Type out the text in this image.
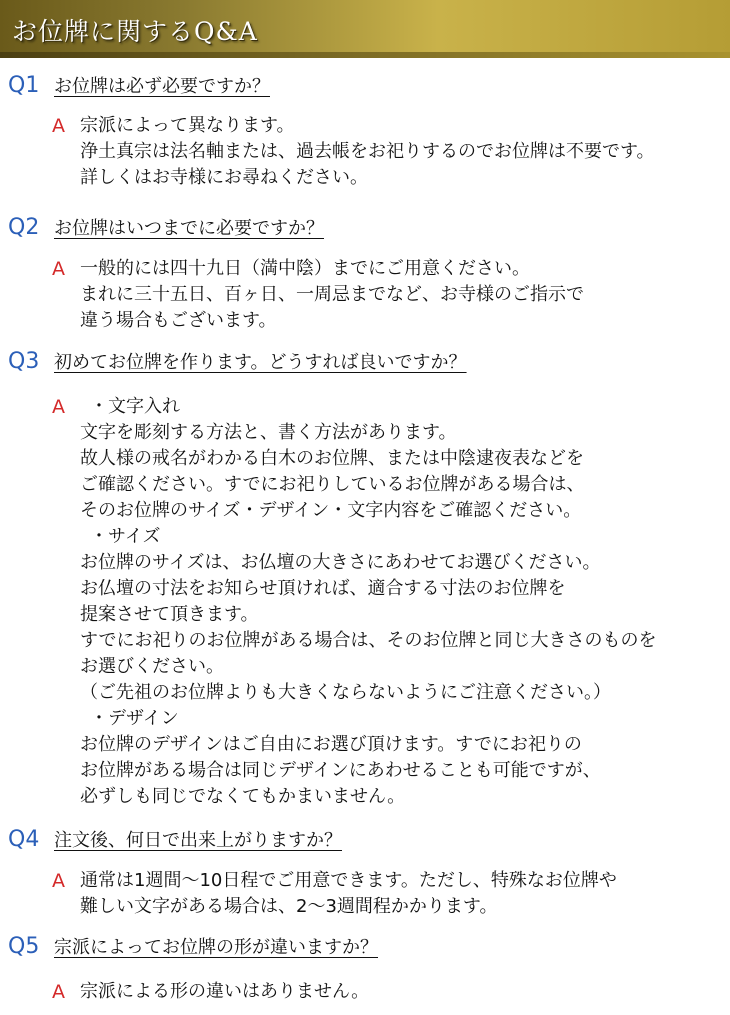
お位牌に関するQ&A
Q1 お位牌は必ず必要ですか？
A 宗派によって異なります。
浄土真宗は法名軸または、過去帳をお祀りするのでお位牌は不要です。
詳しくはお寺様にお尋ねください。
Q2 お位牌はいつまでに必要ですか？
A 一般的には四十九日（満中陰）までにご用意ください。
まれに三十五日、百ヶ日、一周忌までなど、お寺様のご指示で
違う場合もございます。
Q3 初めてお位牌を作ります。どうすれば良いですか？
A	・文字入れ
文字を彫刻する方法と、書く方法があります。
故人様の戒名がわかる白木のお位牌、または中陰逮夜表などを
ご確認ください。すでにお祀りしているお位牌がある場合は、
そのお位牌のサイズ・デザイン・文字内容をご確認ください。
・サイズ
お位牌のサイズは、お仏壇の大きさにあわせてお選びください。
お仏壇の寸法をお知らせ頂ければ、適合する寸法のお位牌を
提案させて頂きます。
すでにお祀りのお位牌がある場合は、そのお位牌と同じ大きさのものを
お選びください。
（ご先祖のお位牌よりも大きくならないようにご注意ください。）
・デザイン
お位牌のデザインはご自由にお選び頂けます。すでにお祀りの
お位牌がある場合は同じデザインにあわせることも可能ですが、
必ずしも同じでなくてもかまいません。
Q4 注文後、何日で出来上がりますか？
A 通常は1週間～10日程でご用意できます。ただし、特殊なお位牌や
難しい文字がある場合は、2～3週間程かかります。
Q5 宗派によってお位牌の形が違いますか？
A 宗派による形の違いはありません。
